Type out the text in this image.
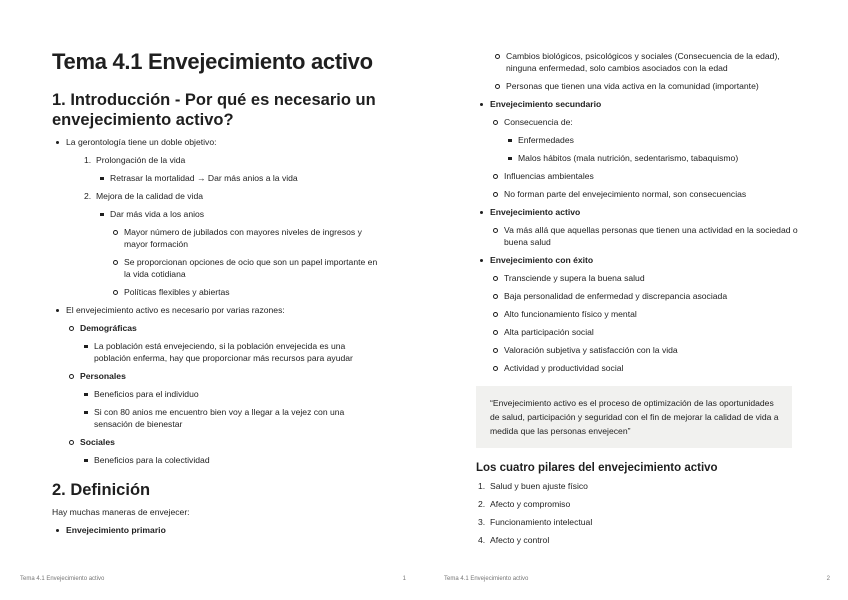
Tema 4.1 Envejecimiento activo
1. Introducción - Por qué es necesario un envejecimiento activo?
La gerontología tiene un doble objetivo:
1. Prolongación de la vida
Retrasar la mortalidad → Dar más anios a la vida
2. Mejora de la calidad de vida
Dar más vida a los anios
Mayor número de jubilados con mayores niveles de ingresos y mayor formación
Se proporcionan opciones de ocio que son un papel importante en la vida cotidiana
Políticas flexibles y abiertas
El envejecimiento activo es necesario por varias razones:
Demográficas
La población está envejeciendo, si la población envejecida es una población enferma, hay que proporcionar más recursos para ayudar
Personales
Beneficios para el individuo
Si con 80 anios me encuentro bien voy a llegar a la vejez con una sensación de bienestar
Sociales
Beneficios para la colectividad
2. Definición
Hay muchas maneras de envejecer:
Envejecimiento primario
Tema 4.1 Envejecimiento activo	1
Cambios biológicos, psicológicos y sociales (Consecuencia de la edad), ninguna enfermedad, solo cambios asociados con la edad
Personas que tienen una vida activa en la comunidad (importante)
Envejecimiento secundario
Consecuencia de:
Enfermedades
Malos hábitos (mala nutrición, sedentarismo, tabaquismo)
Influencias ambientales
No forman parte del envejecimiento normal, son consecuencias
Envejecimiento activo
Va más allá que aquellas personas que tienen una actividad en la sociedad o buena salud
Envejecimiento con éxito
Transciende y supera la buena salud
Baja personalidad de enfermedad y discrepancia asociada
Alto funcionamiento físico y mental
Alta participación social
Valoración subjetiva y satisfacción con la vida
Actividad y productividad social
“Envejecimiento activo es el proceso de optimización de las oportunidades de salud, participación y seguridad con el fin de mejorar la calidad de vida a medida que las personas envejecen”
Los cuatro pilares del envejecimiento activo
1. Salud y buen ajuste físico
2. Afecto y compromiso
3. Funcionamiento intelectual
4. Afecto y control
Tema 4.1 Envejecimiento activo	2
